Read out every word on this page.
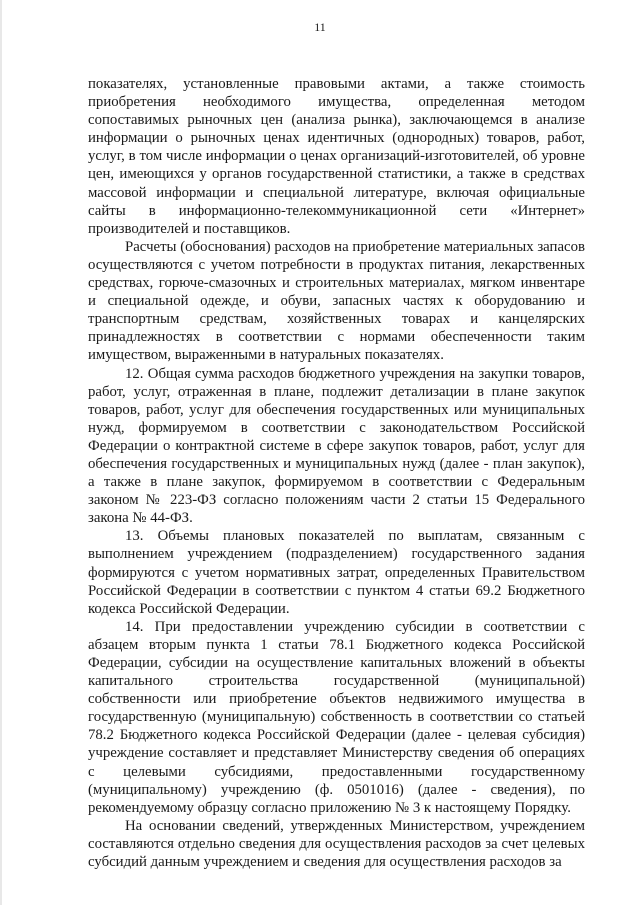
11

показателях, установленные правовыми актами, а также стоимость приобретения необходимого имущества, определенная методом сопоставимых рыночных цен (анализа рынка), заключающемся в анализе информации о рыночных ценах идентичных (однородных) товаров, работ, услуг, в том числе информации о ценах организаций-изготовителей, об уровне цен, имеющихся у органов государственной статистики, а также в средствах массовой информации и специальной литературе, включая официальные сайты в информационно-телекоммуникационной сети «Интернет» производителей и поставщиков.

Расчеты (обоснования) расходов на приобретение материальных запасов осуществляются с учетом потребности в продуктах питания, лекарственных средствах, горюче-смазочных и строительных материалах, мягком инвентаре и специальной одежде, и обуви, запасных частях к оборудованию и транспортным средствам, хозяйственных товарах и канцелярских принадлежностях в соответствии с нормами обеспеченности таким имуществом, выраженными в натуральных показателях.

12. Общая сумма расходов бюджетного учреждения на закупки товаров, работ, услуг, отраженная в плане, подлежит детализации в плане закупок товаров, работ, услуг для обеспечения государственных или муниципальных нужд, формируемом в соответствии с законодательством Российской Федерации о контрактной системе в сфере закупок товаров, работ, услуг для обеспечения государственных и муниципальных нужд (далее - план закупок), а также в плане закупок, формируемом в соответствии с Федеральным законом № 223-ФЗ согласно положениям части 2 статьи 15 Федерального закона № 44-ФЗ.

13. Объемы плановых показателей по выплатам, связанным с выполнением учреждением (подразделением) государственного задания формируются с учетом нормативных затрат, определенных Правительством Российской Федерации в соответствии с пунктом 4 статьи 69.2 Бюджетного кодекса Российской Федерации.

14. При предоставлении учреждению субсидии в соответствии с абзацем вторым пункта 1 статьи 78.1 Бюджетного кодекса Российской Федерации, субсидии на осуществление капитальных вложений в объекты капитального строительства государственной (муниципальной) собственности или приобретение объектов недвижимого имущества в государственную (муниципальную) собственность в соответствии со статьей 78.2 Бюджетного кодекса Российской Федерации (далее - целевая субсидия) учреждение составляет и представляет Министерству сведения об операциях с целевыми субсидиями, предоставленными государственному (муниципальному) учреждению (ф. 0501016) (далее - сведения), по рекомендуемому образцу согласно приложению № 3 к настоящему Порядку.

На основании сведений, утвержденных Министерством, учреждением составляются отдельно сведения для осуществления расходов за счет целевых субсидий данным учреждением и сведения для осуществления расходов за
